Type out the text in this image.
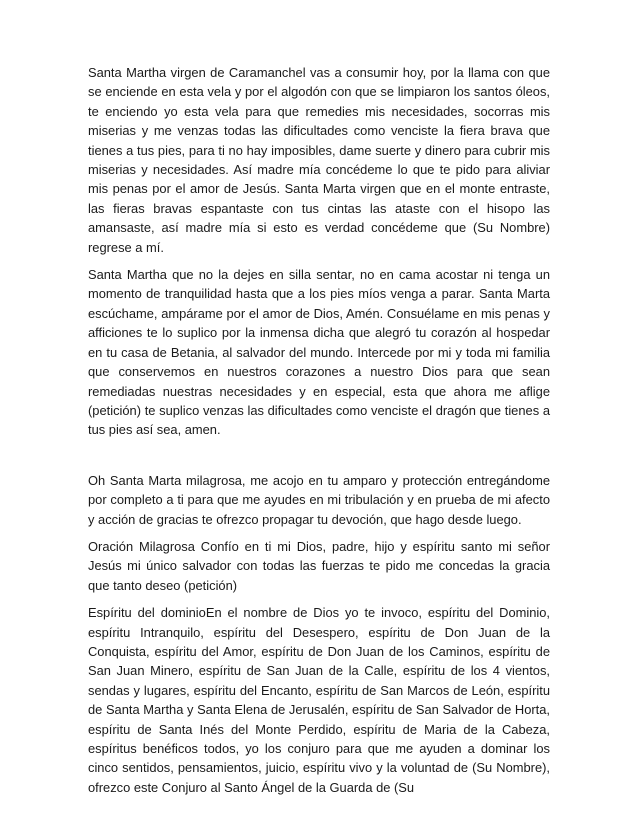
Santa Martha virgen de Caramanchel vas a consumir hoy, por la llama con que se enciende en esta vela y por el algodón con que se limpiaron los santos óleos, te enciendo yo esta vela para que remedies mis necesidades, socorras mis miserias y me venzas todas las dificultades como venciste la fiera brava que tienes a tus pies, para ti no hay imposibles, dame suerte y dinero para cubrir mis miserias y necesidades. Así madre mía concédeme lo que te pido para aliviar mis penas por el amor de Jesús. Santa Marta virgen que en el monte entraste, las fieras bravas espantaste con tus cintas las ataste con el hisopo las amansaste, así madre mía si esto es verdad concédeme que (Su Nombre) regrese a mí.

Santa Martha que no la dejes en silla sentar, no en cama acostar ni tenga un momento de tranquilidad hasta que a los pies míos venga a parar. Santa Marta escúchame, ampárame por el amor de Dios, Amén. Consuélame en mis penas y afficiones te lo suplico por la inmensa dicha que alegró tu corazón al hospedar en tu casa de Betania, al salvador del mundo. Intercede por mi y toda mi familia que conservemos en nuestros corazones a nuestro Dios para que sean remediadas nuestras necesidades y en especial, esta que ahora me aflige (petición) te suplico venzas las dificultades como venciste el dragón que tienes a tus pies así sea, amen.

Oh Santa Marta milagrosa, me acojo en tu amparo y protección entregándome por completo a ti para que me ayudes en mi tribulación y en prueba de mi afecto y acción de gracias te ofrezco propagar tu devoción, que hago desde luego.

Oración Milagrosa Confío en ti mi Dios, padre, hijo y espíritu santo mi señor Jesús mi único salvador con todas las fuerzas te pido me concedas la gracia que tanto deseo (petición)

Espíritu del dominioEn el nombre de Dios yo te invoco, espíritu del Dominio, espíritu Intranquilo, espíritu del Desespero, espíritu de Don Juan de la Conquista, espíritu del Amor, espíritu de Don Juan de los Caminos, espíritu de San Juan Minero, espíritu de San Juan de la Calle, espíritu de los 4 vientos, sendas y lugares, espíritu del Encanto, espíritu de San Marcos de León, espíritu de Santa Martha y Santa Elena de Jerusalén, espíritu de San Salvador de Horta, espíritu de Santa Inés del Monte Perdido, espíritu de Maria de la Cabeza, espíritus benéficos todos, yo los conjuro para que me ayuden a dominar los cinco sentidos, pensamientos, juicio, espíritu vivo y la voluntad de (Su Nombre), ofrezco este Conjuro al Santo Ángel de la Guarda de (Su
